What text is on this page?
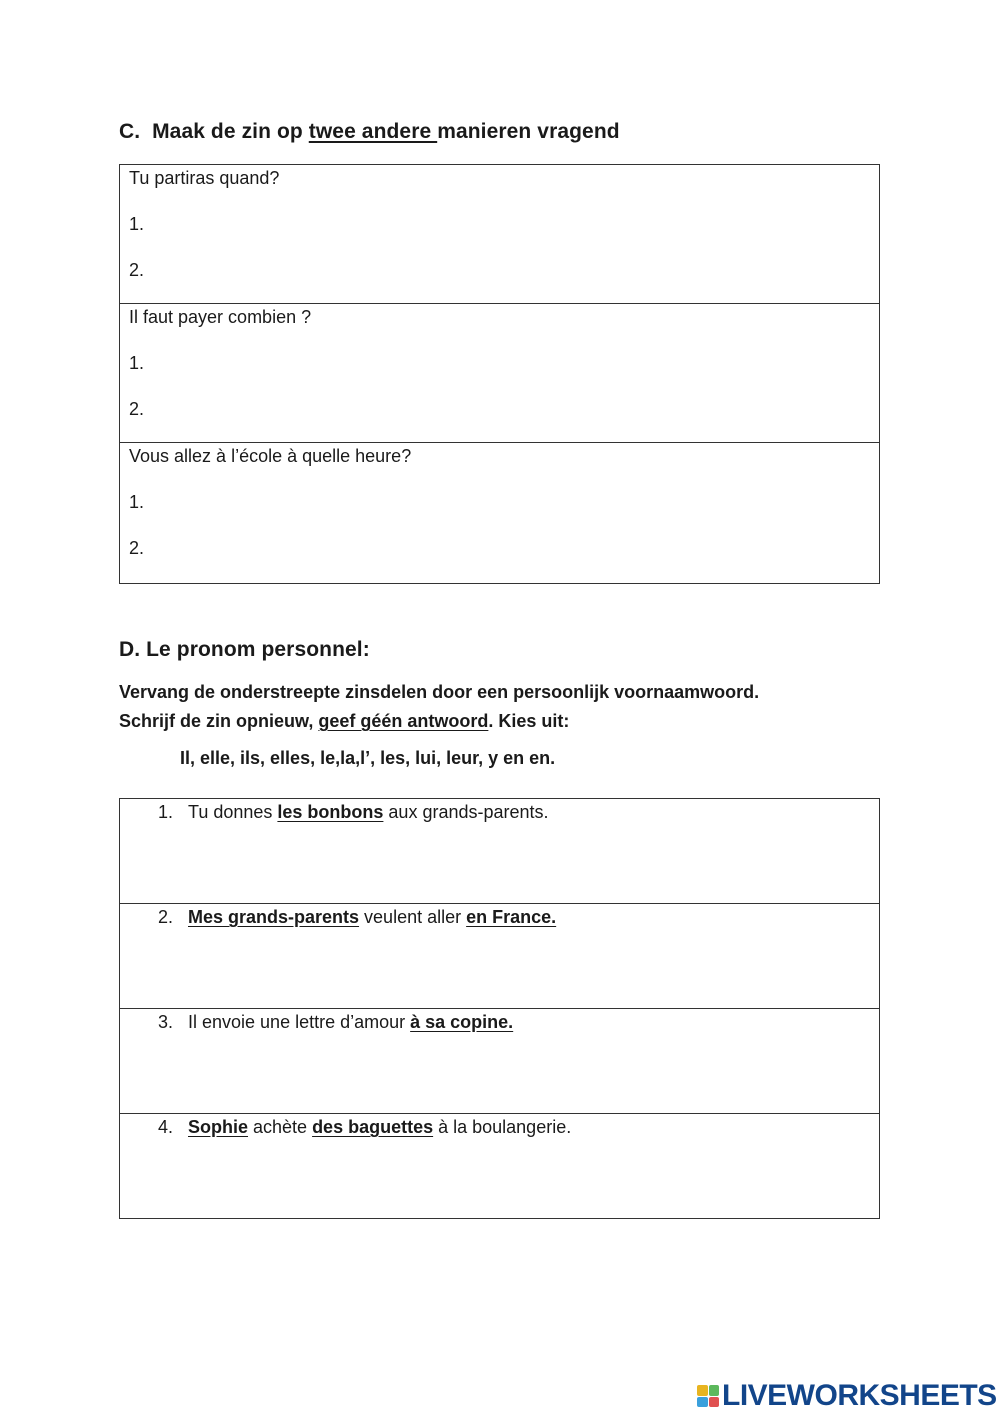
C.  Maak de zin op twee andere manieren vragend
Tu partiras quand?
1.
2.
Il faut payer combien ?
1.
2.
Vous allez à l’école à quelle heure?
1.
2.
D. Le pronom personnel:
Vervang de onderstreepte zinsdelen door een persoonlijk voornaamwoord.
Schrijf de zin opnieuw, geef géén antwoord. Kies uit:
Il, elle, ils, elles, le,la,l’, les, lui, leur, y en en.
1. Tu donnes les bonbons aux grands-parents.
2. Mes grands-parents veulent aller en France.
3. Il envoie une lettre d’amour à sa copine.
4. Sophie achète des baguettes à la boulangerie.
LIVEWORKSHEETS
